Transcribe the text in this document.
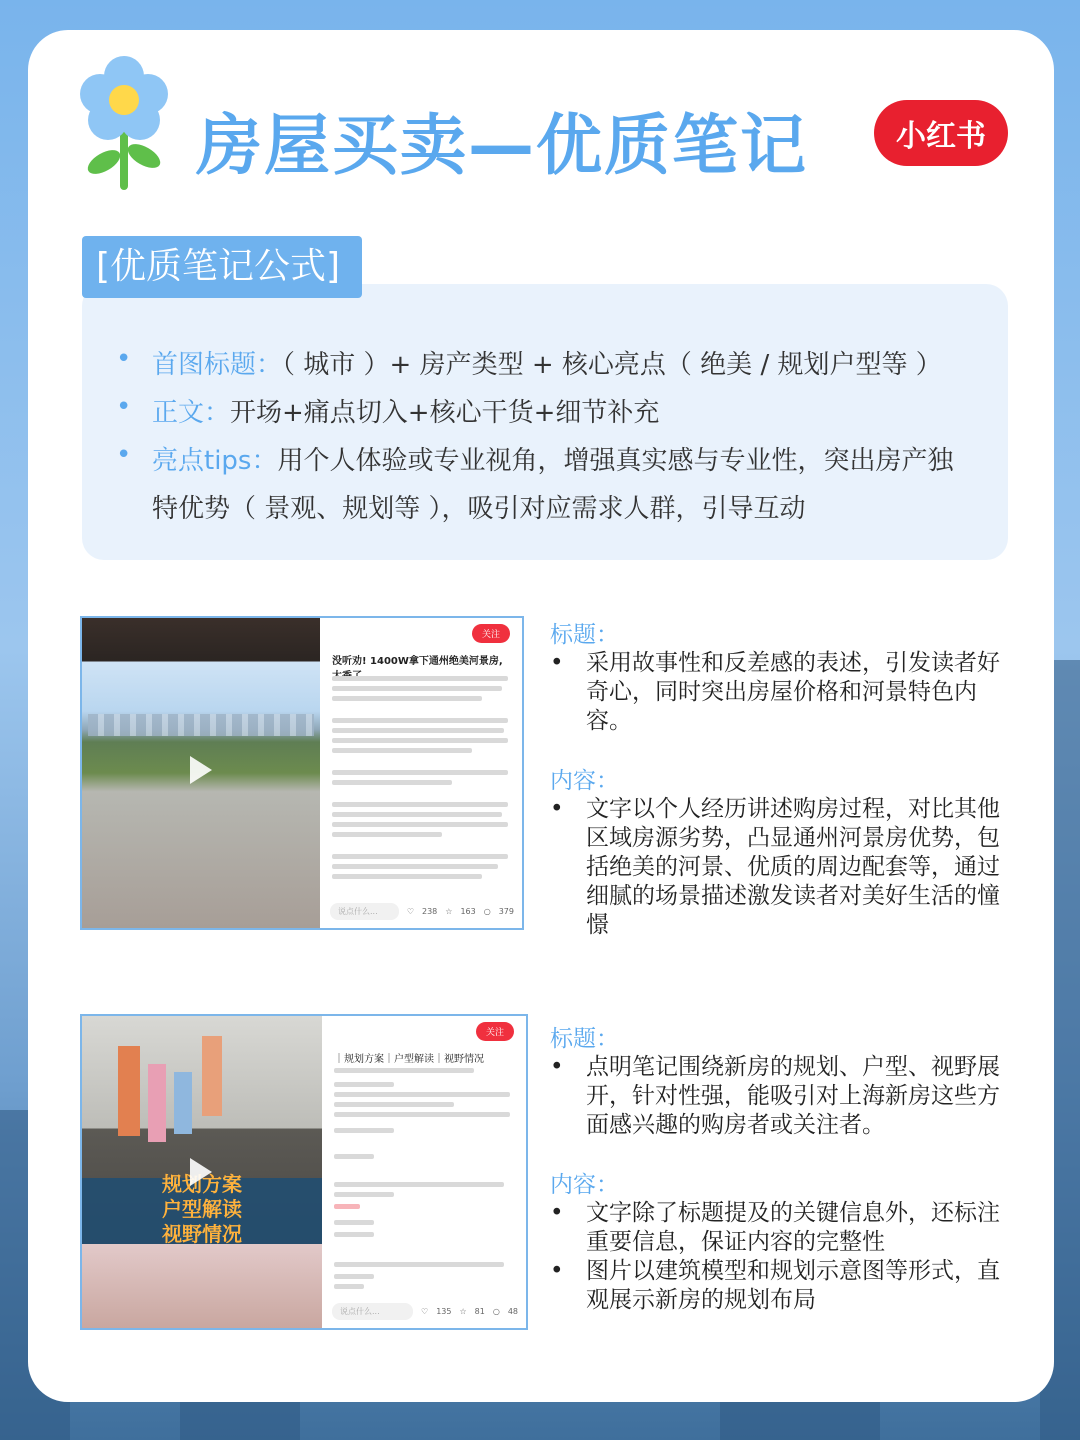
房屋买卖—优质笔记	小红书
[优质笔记公式]
• 首图标题：（ 城市 ）+ 房产类型 + 核心亮点（ 绝美 / 规划户型等 ）
• 正文：开场+痛点切入+核心干货+细节补充
• 亮点tips：用个人体验或专业视角，增强真实感与专业性，突出房产独
特优势（ 景观、规划等 ），吸引对应需求人群，引导互动
关注
没听劝! 1400W拿下通州绝美河景房,
说点什么...	♡ 238 ☆ 163 ○ 379

标题：

• 采用故事性和反差感的表述，引发读者好奇心，同时突出房屋价格和河景特色内容。

内容：

• 文字以个人经历讲述购房过程，对比其他区域房源劣势，凸显通州河景房优势，包括绝美的河景、优质的周边配套等，通过细腻的场景描述激发读者对美好生活的憧憬
规划方案
户型解读
视野情况
关注
｜规划方案｜户型解读｜视野情况
说点什么...	♡ 135 ☆ 81 ○ 48

标题：

• 点明笔记围绕新房的规划、户型、视野展开，针对性强，能吸引对上海新房这些方面感兴趣的购房者或关注者。

内容：

• 文字除了标题提及的关键信息外，还标注重要信息，保证内容的完整性
• 图片以建筑模型和规划示意图等形式，直观展示新房的规划布局
